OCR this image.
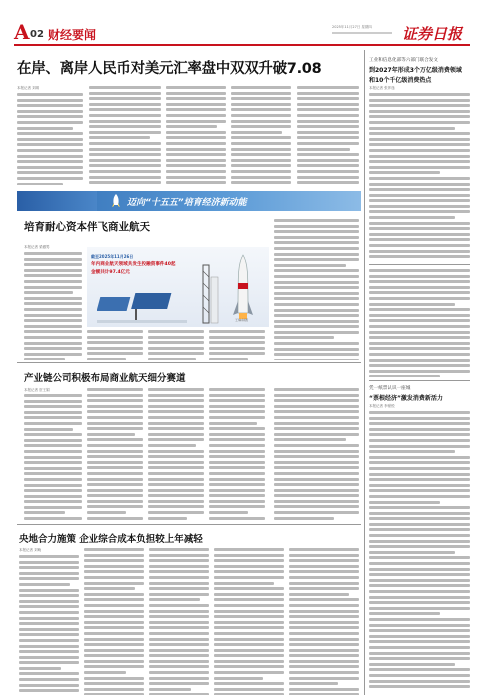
A 02 财经要闻
2025年11月27日 星期四 证券日报
在岸、离岸人民币对美元汇率盘中双双升破7.08
本报记者 刘琪
工业和信息化部等六部门联合发文
到2027年形成3个万亿级消费领域
和10个千亿级消费热点
本报记者 张芗逸
迈向“十五五”培育经济新动能
培育耐心资本伴飞商业航天
本报记者 梁傲男
截至2025年11月26日
年内商业航天领域共发生投融资事件40起
金额共计97.4亿元
王琳/制图
凭一纸票认识一座城
“票根经济”激发消费新活力
本报记者 李豪悦
产业链公司积极布局商业航天细分赛道
本报记者 贺王娟
央地合力施策 企业综合成本负担较上年减轻
本报记者 刘萌
